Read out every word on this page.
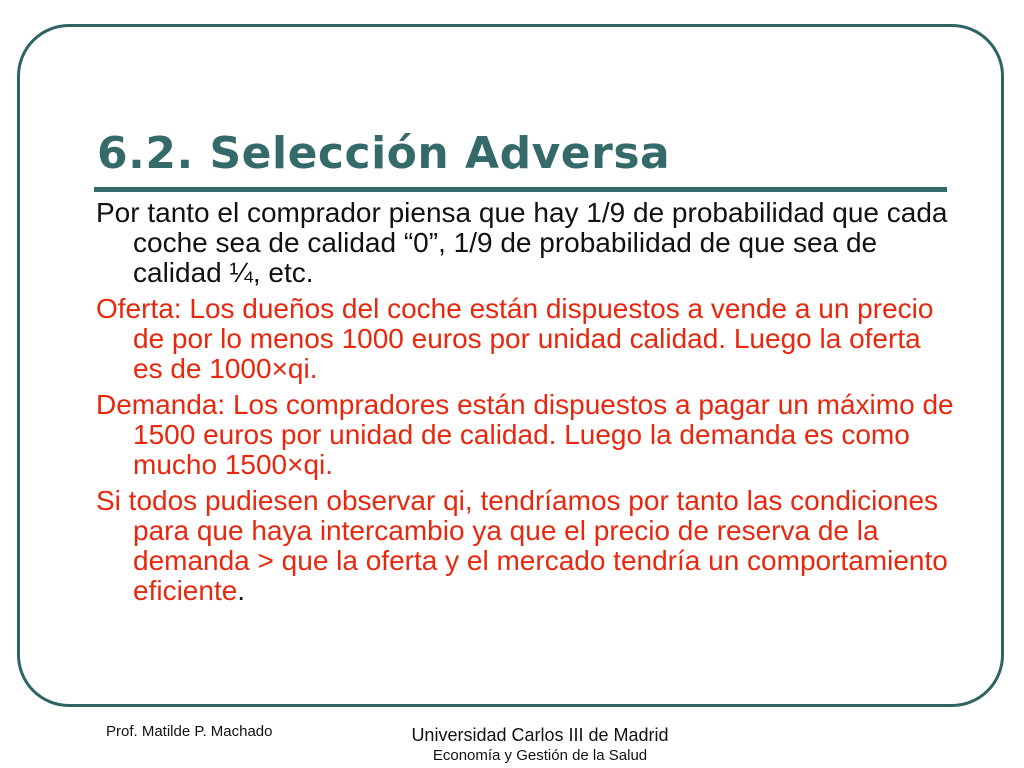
6.2. Selección Adversa

Por tanto el comprador piensa que hay 1/9 de probabilidad que cada coche sea de calidad “0”, 1/9 de probabilidad de que sea de calidad ¼, etc.

Oferta: Los dueños del coche están dispuestos a vende a un precio de por lo menos 1000 euros por unidad calidad. Luego la oferta es de 1000×qi.

Demanda: Los compradores están dispuestos a pagar un máximo de 1500 euros por unidad de calidad. Luego la demanda es como mucho 1500×qi.

Si todos pudiesen observar qi, tendríamos por tanto las condiciones para que haya intercambio ya que el precio de reserva de la demanda > que la oferta y el mercado tendría un comportamiento eficiente.

Prof. Matilde P. Machado	Universidad Carlos III de Madrid
Economía y Gestión de la Salud
